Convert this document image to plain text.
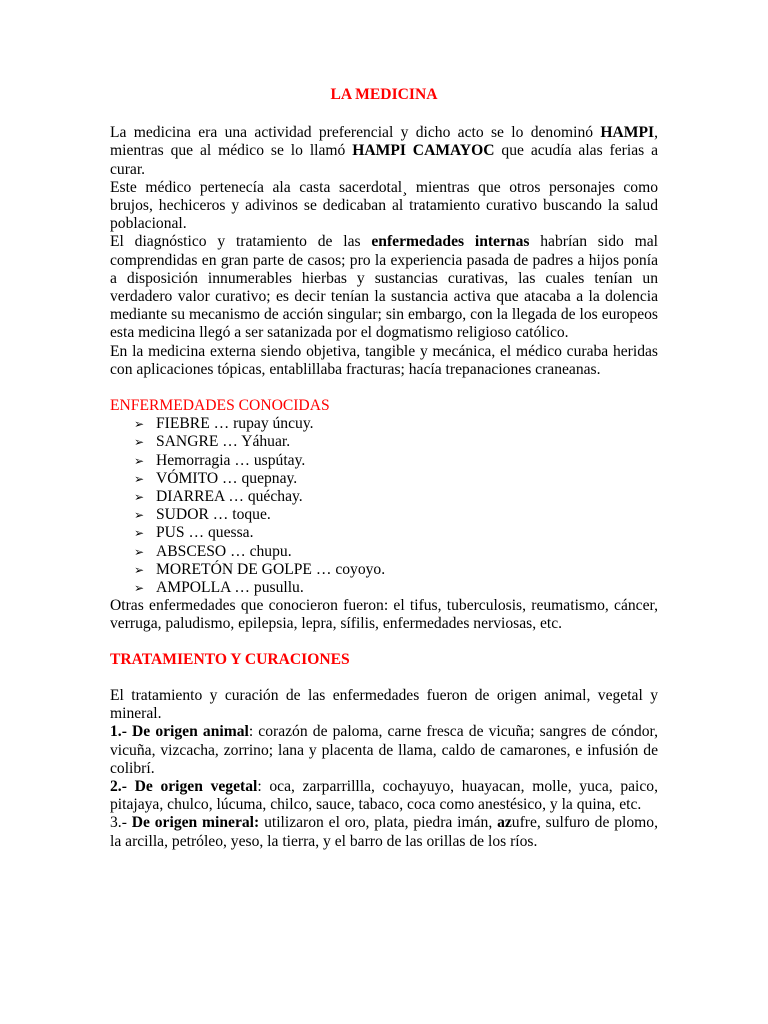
LA MEDICINA

La medicina era una actividad preferencial y dicho acto se lo denominó HAMPI, mientras que al médico se lo llamó HAMPI CAMAYOC que acudía alas ferias a curar.

Este médico pertenecía ala casta sacerdotal¸ mientras que otros personajes como brujos, hechiceros y adivinos se dedicaban al tratamiento curativo buscando la salud poblacional.

El diagnóstico y tratamiento de las enfermedades internas habrían sido mal comprendidas en gran parte de casos; pro la experiencia pasada de padres a hijos ponía a disposición innumerables hierbas y sustancias curativas, las cuales tenían un verdadero valor curativo; es decir tenían la sustancia activa que atacaba a la dolencia mediante su mecanismo de acción singular; sin embargo, con la llegada de los europeos esta medicina llegó a ser satanizada por el dogmatismo religioso católico.

En la medicina externa siendo objetiva, tangible y mecánica, el médico curaba heridas con aplicaciones tópicas, entablillaba fracturas; hacía trepanaciones craneanas.

ENFERMEDADES CONOCIDAS

➢ FIEBRE … rupay úncuy.
➢ SANGRE … Yáhuar.
➢ Hemorragia … uspútay.
➢ VÓMITO … quepnay.
➢ DIARREA … quéchay.
➢ SUDOR … toque.
➢ PUS … quessa.
➢ ABSCESO … chupu.
➢ MORETÓN DE GOLPE … coyoyo.
➢ AMPOLLA … pusullu.

Otras enfermedades que conocieron fueron: el tifus, tuberculosis, reumatismo, cáncer, verruga, paludismo, epilepsia, lepra, sífilis, enfermedades nerviosas, etc.

TRATAMIENTO Y CURACIONES

El tratamiento y curación de las enfermedades fueron de origen animal, vegetal y mineral.

1.- De origen animal: corazón de paloma, carne fresca de vicuña; sangres de cóndor, vicuña, vizcacha, zorrino; lana y placenta de llama, caldo de camarones, e infusión de colibrí.

2.- De origen vegetal: oca, zarparrillla, cochayuyo, huayacan, molle, yuca, paico, pitajaya, chulco, lúcuma, chilco, sauce, tabaco, coca como anestésico, y la quina, etc.

3.- De origen mineral: utilizaron el oro, plata, piedra imán, azufre, sulfuro de plomo, la arcilla, petróleo, yeso, la tierra, y el barro de las orillas de los ríos.
